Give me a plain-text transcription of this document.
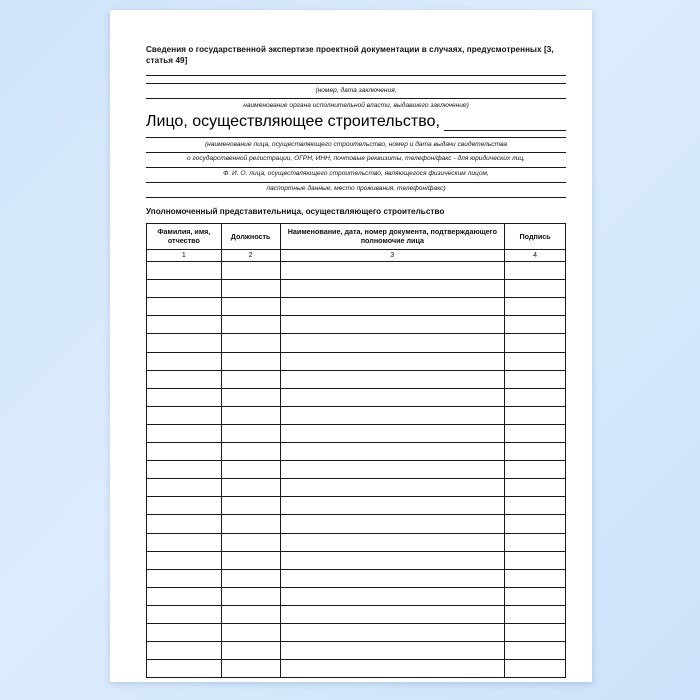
Сведения о государственной экспертизе проектной документации в случаях, предусмотренных [3, статья 49]
(номер, дата заключения,
наименование органа исполнительной власти, выдавшего заключение)
Лицо, осуществляющее строительство,
(наименование лица, осуществляющего строительство, номер и дата выдачи свидетельства
о государственной регистрации, ОГРН, ИНН, почтовые реквизиты, телефон/факс - для юридических лиц,
Ф. И. О. лица, осуществляющего строительство, являющегося физическим лицом,
паспортные данные, место проживания, телефон/факс)
Уполномоченный представительница, осуществляющего строительство
Фамилия, имя, отчество	Должность	Наименование, дата, номер документа, подтверждающего полномочие лица	Подпись
1	2	3	4
